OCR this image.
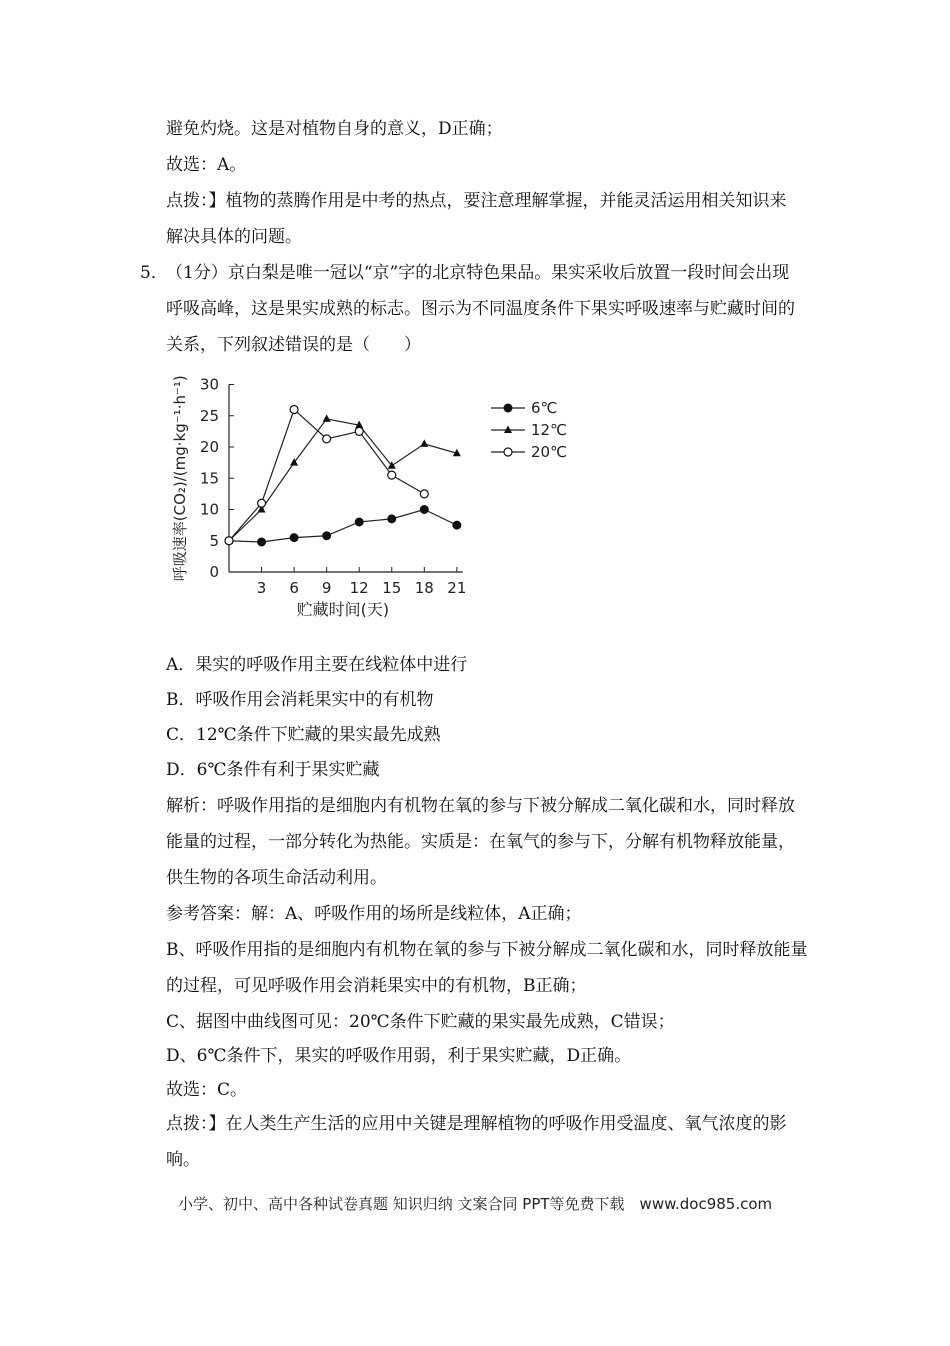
避免灼烧。这是对植物自身的意义，D正确；
故选：A。
点拨：】植物的蒸腾作用是中考的热点，要注意理解掌握，并能灵活运用相关知识来
解决具体的问题。
5．
（1分）京白梨是唯一冠以“京”字的北京特色果品。果实采收后放置一段时间会出现
呼吸高峰，这是果实成熟的标志。图示为不同温度条件下果实呼吸速率与贮藏时间的
关系，下列叙述错误的是（　　）
0
5
10
15
20
25
30
3 6 9 12 15 18 21
贮藏时间(天)
呼吸速率(CO₂)/(mg·kg⁻¹·h⁻¹)	6℃
12℃
20℃
A．果实的呼吸作用主要在线粒体中进行
B．呼吸作用会消耗果实中的有机物
C．12℃条件下贮藏的果实最先成熟
D．6℃条件有利于果实贮藏
解析：呼吸作用指的是细胞内有机物在氧的参与下被分解成二氧化碳和水，同时释放
能量的过程，一部分转化为热能。实质是：在氧气的参与下，分解有机物释放能量，
供生物的各项生命活动利用。
参考答案：解：A、呼吸作用的场所是线粒体，A正确；
B、呼吸作用指的是细胞内有机物在氧的参与下被分解成二氧化碳和水，同时释放能量
的过程，可见呼吸作用会消耗果实中的有机物，B正确；
C、据图中曲线图可见：20℃条件下贮藏的果实最先成熟，C错误；
D、6℃条件下，果实的呼吸作用弱，利于果实贮藏，D正确。
故选：C。
点拨：】在人类生产生活的应用中关键是理解植物的呼吸作用受温度、氧气浓度的影
响。
小学、初中、高中各种试卷真题 知识归纳 文案合同 PPT等免费下载　www.doc985.com
